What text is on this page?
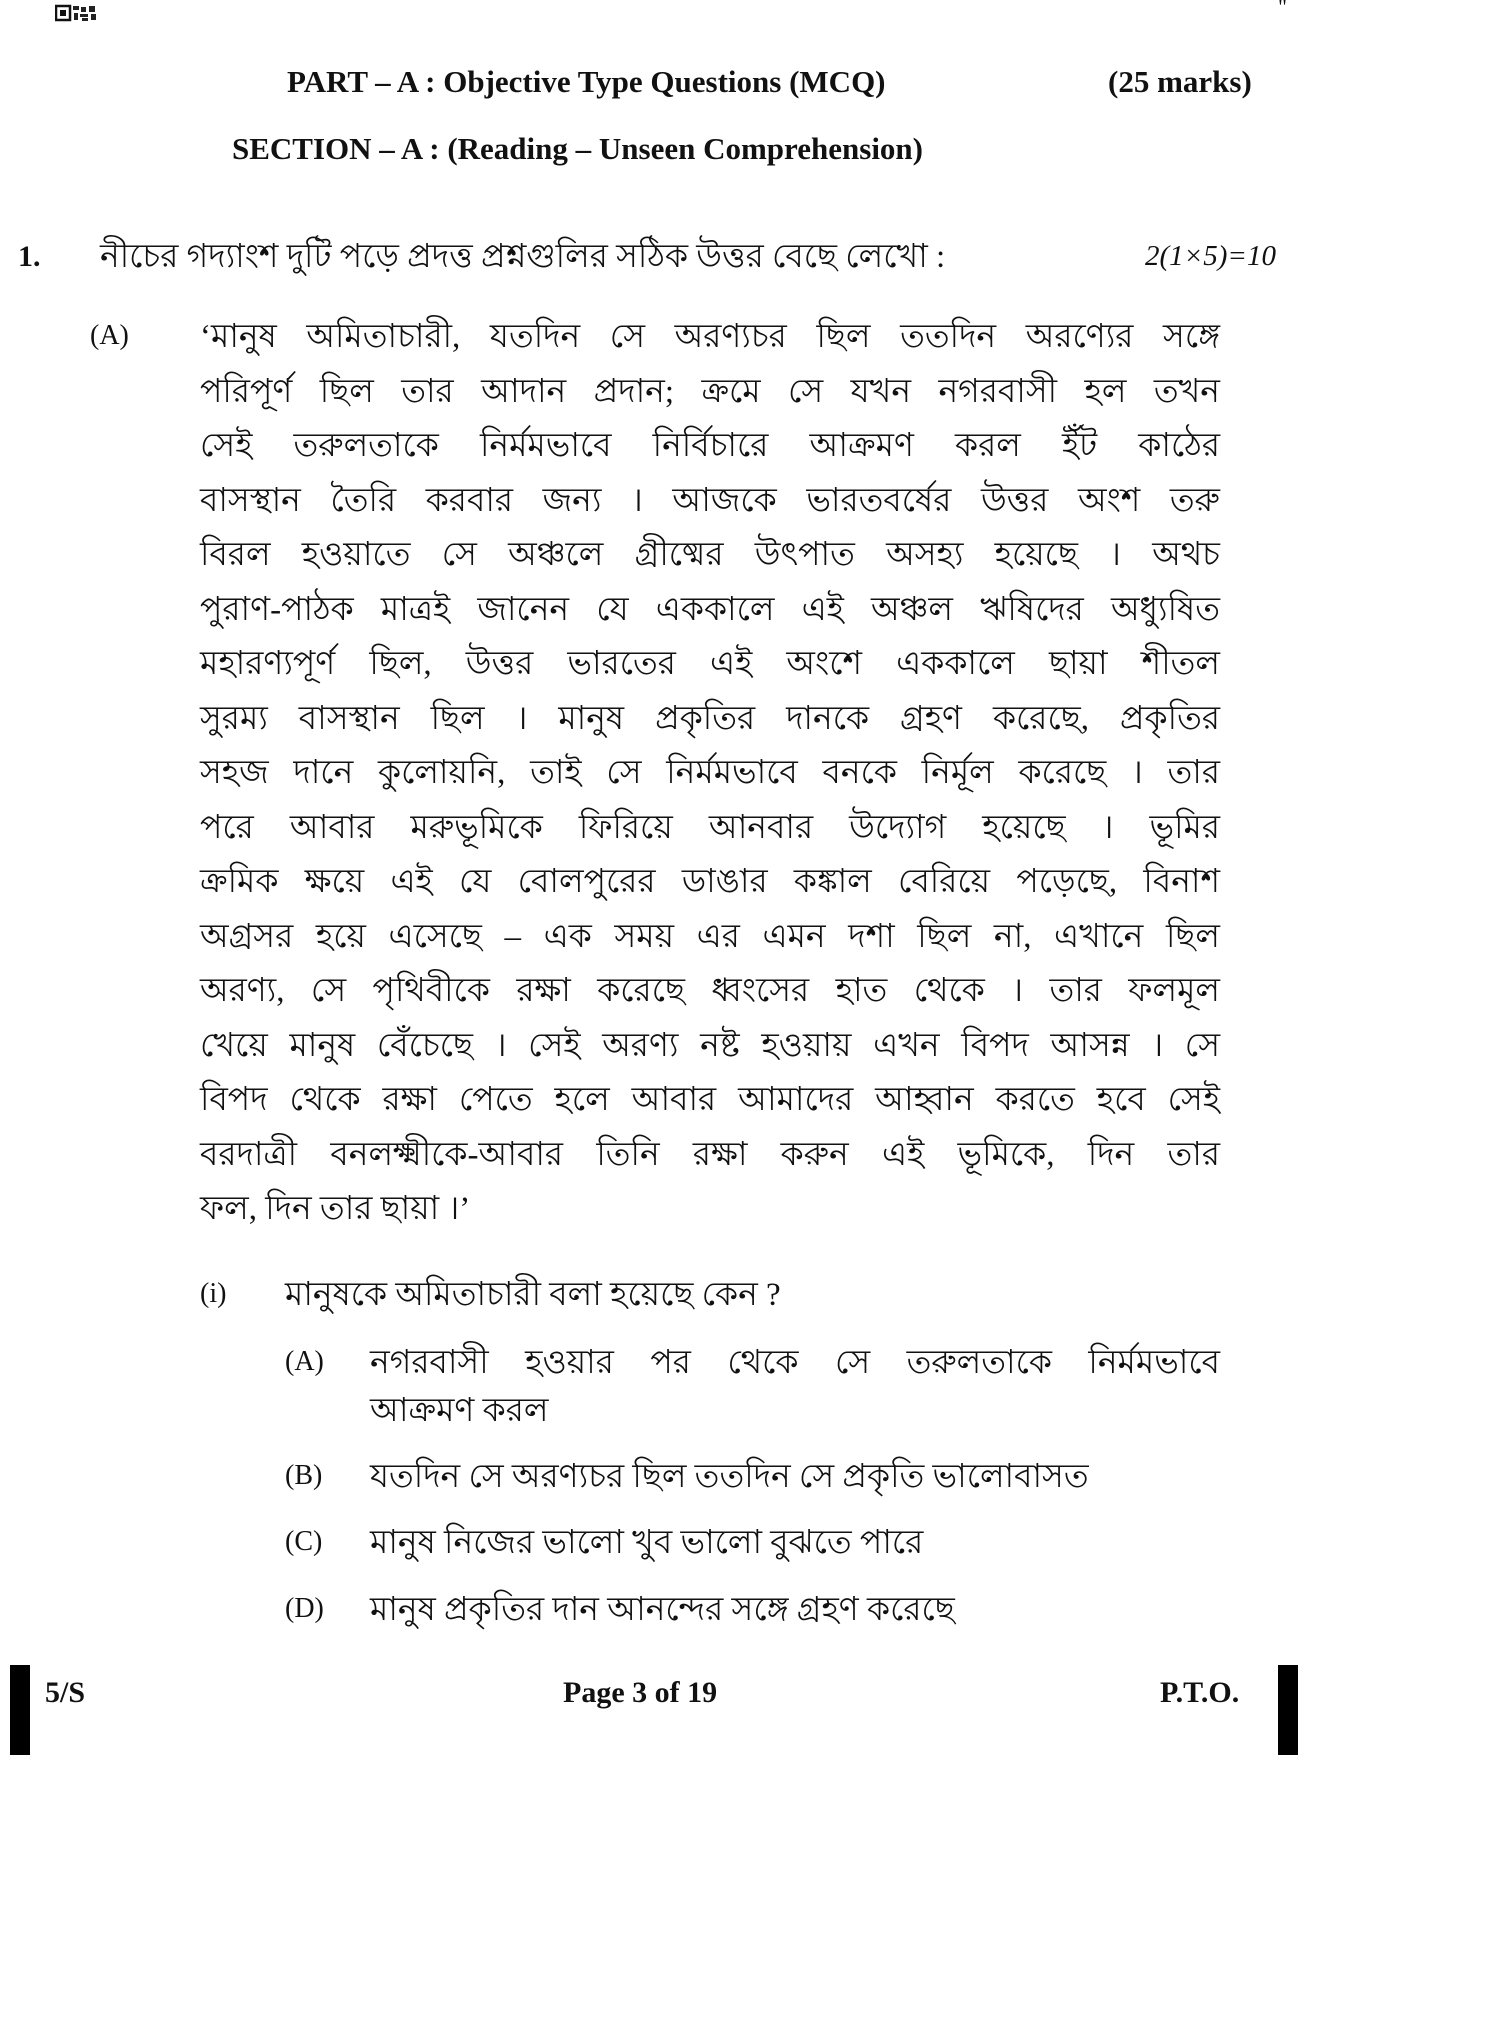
"
PART – A : Objective Type Questions (MCQ)	(25 marks)
SECTION – A : (Reading – Unseen Comprehension)
1. নীচের গদ্যাংশ দুটি পড়ে প্রদত্ত প্রশ্নগুলির সঠিক উত্তর বেছে লেখো :	2(1×5)=10
(A) ‘মানুষ অমিতাচারী, যতদিন সে অরণ্যচর ছিল ততদিন অরণ্যের সঙ্গে
পরিপূর্ণ ছিল তার আদান প্রদান; ক্রমে সে যখন নগরবাসী হল তখন
সেই তরুলতাকে নির্মমভাবে নির্বিচারে আক্রমণ করল ইঁট কাঠের
বাসস্থান তৈরি করবার জন্য । আজকে ভারতবর্ষের উত্তর অংশ তরু
বিরল হওয়াতে সে অঞ্চলে গ্রীষ্মের উৎপাত অসহ্য হয়েছে । অথচ
পুরাণ-পাঠক মাত্রই জানেন যে এককালে এই অঞ্চল ঋষিদের অধ্যুষিত
মহারণ্যপূর্ণ ছিল, উত্তর ভারতের এই অংশে এককালে ছায়া শীতল
সুরম্য বাসস্থান ছিল । মানুষ প্রকৃতির দানকে গ্রহণ করেছে, প্রকৃতির
সহজ দানে কুলোয়নি, তাই সে নির্মমভাবে বনকে নির্মূল করেছে । তার
পরে আবার মরুভূমিকে ফিরিয়ে আনবার উদ্যোগ হয়েছে । ভূমির
ক্রমিক ক্ষয়ে এই যে বোলপুরের ডাঙার কঙ্কাল বেরিয়ে পড়েছে, বিনাশ
অগ্রসর হয়ে এসেছে – এক সময় এর এমন দশা ছিল না, এখানে ছিল
অরণ্য, সে পৃথিবীকে রক্ষা করেছে ধ্বংসের হাত থেকে । তার ফলমূল
খেয়ে মানুষ বেঁচেছে । সেই অরণ্য নষ্ট হওয়ায় এখন বিপদ আসন্ন । সে
বিপদ থেকে রক্ষা পেতে হলে আবার আমাদের আহ্বান করতে হবে সেই
বরদাত্রী বনলক্ষ্মীকে-আবার তিনি রক্ষা করুন এই ভূমিকে, দিন তার
ফল, দিন তার ছায়া ।’
(i) মানুষকে অমিতাচারী বলা হয়েছে কেন ?
(A) নগরবাসী হওয়ার পর থেকে সে তরুলতাকে নির্মমভাবে
আক্রমণ করল
(B) যতদিন সে অরণ্যচর ছিল ততদিন সে প্রকৃতি ভালোবাসত
(C) মানুষ নিজের ভালো খুব ভালো বুঝতে পারে
(D) মানুষ প্রকৃতির দান আনন্দের সঙ্গে গ্রহণ করেছে
5/S	Page 3 of 19	P.T.O.
